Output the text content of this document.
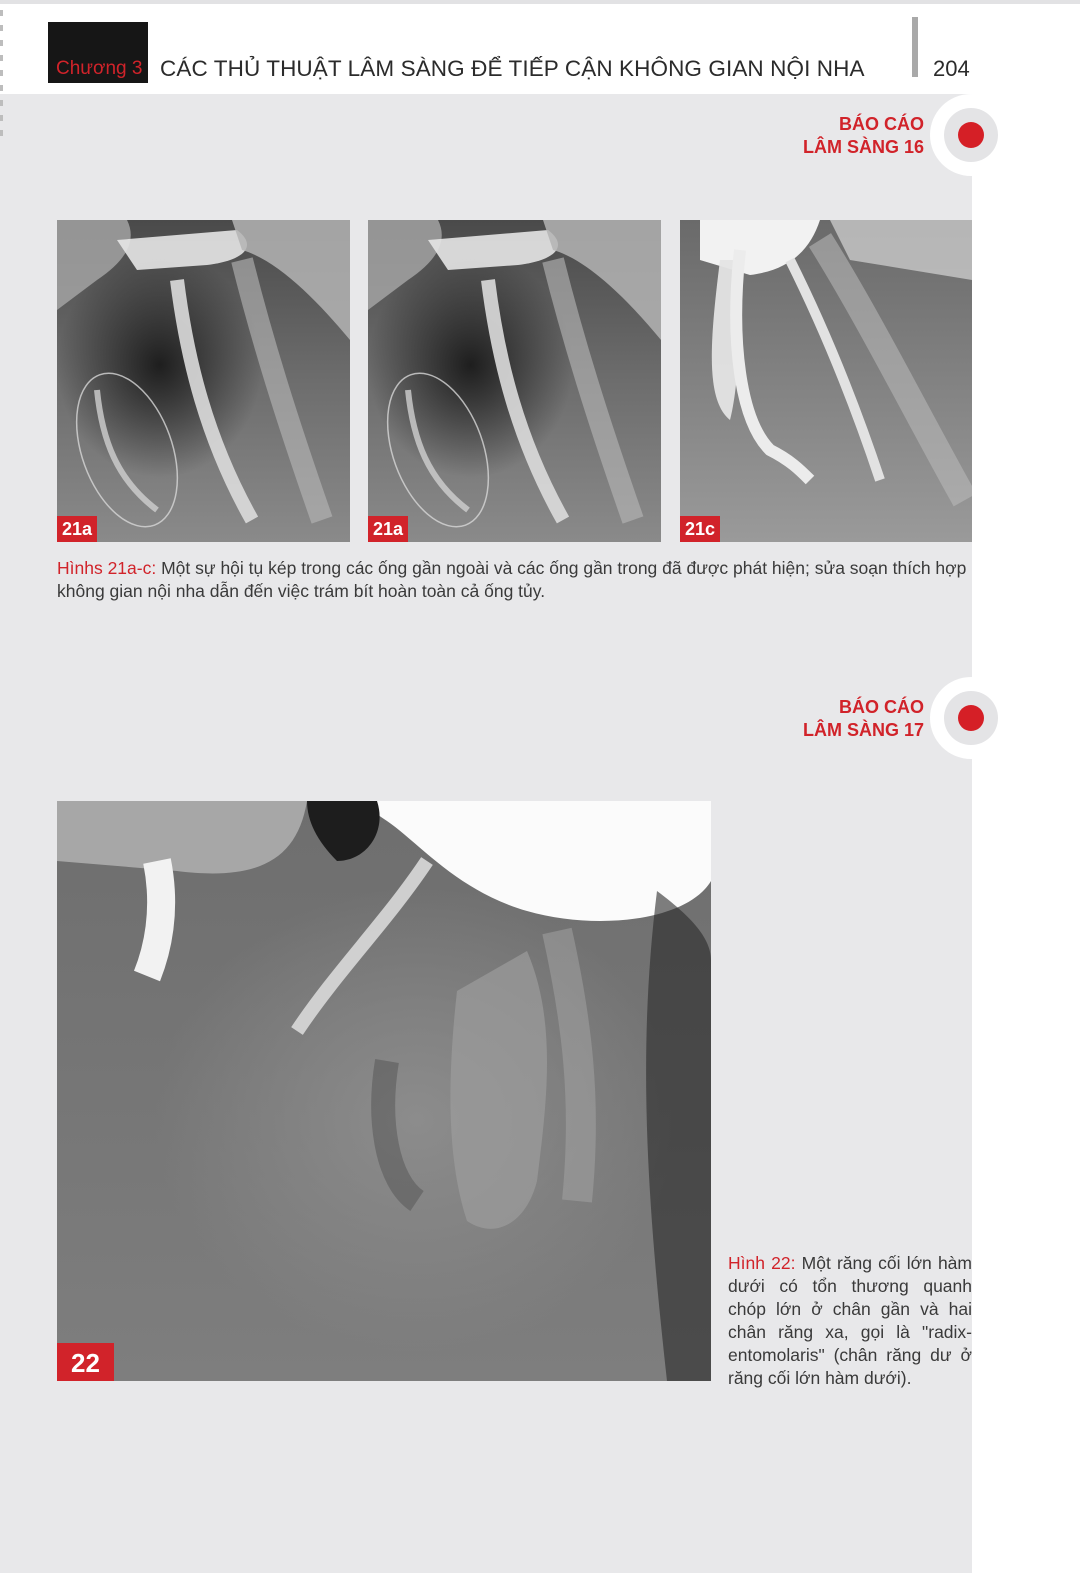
Chương 3 CÁC THỦ THUẬT LÂM SÀNG ĐỂ TIẾP CẬN KHÔNG GIAN NỘI NHA	204
BÁO CÁO
LÂM SÀNG 16
21a	21a	21c
Hìnhs 21a-c: Một sự hội tụ kép trong các ống gần ngoài và các ống gần trong đã được phát hiện; sửa soạn thích hợp không gian nội nha dẫn đến việc trám bít hoàn toàn cả ống tủy.
BÁO CÁO
LÂM SÀNG 17
22
Hình 22: Một răng cối lớn hàm dưới có tổn thương quanh chóp lớn ở chân gần và hai chân răng xa, gọi là "radix-entomolaris" (chân răng dư ở răng cối lớn hàm dưới).
